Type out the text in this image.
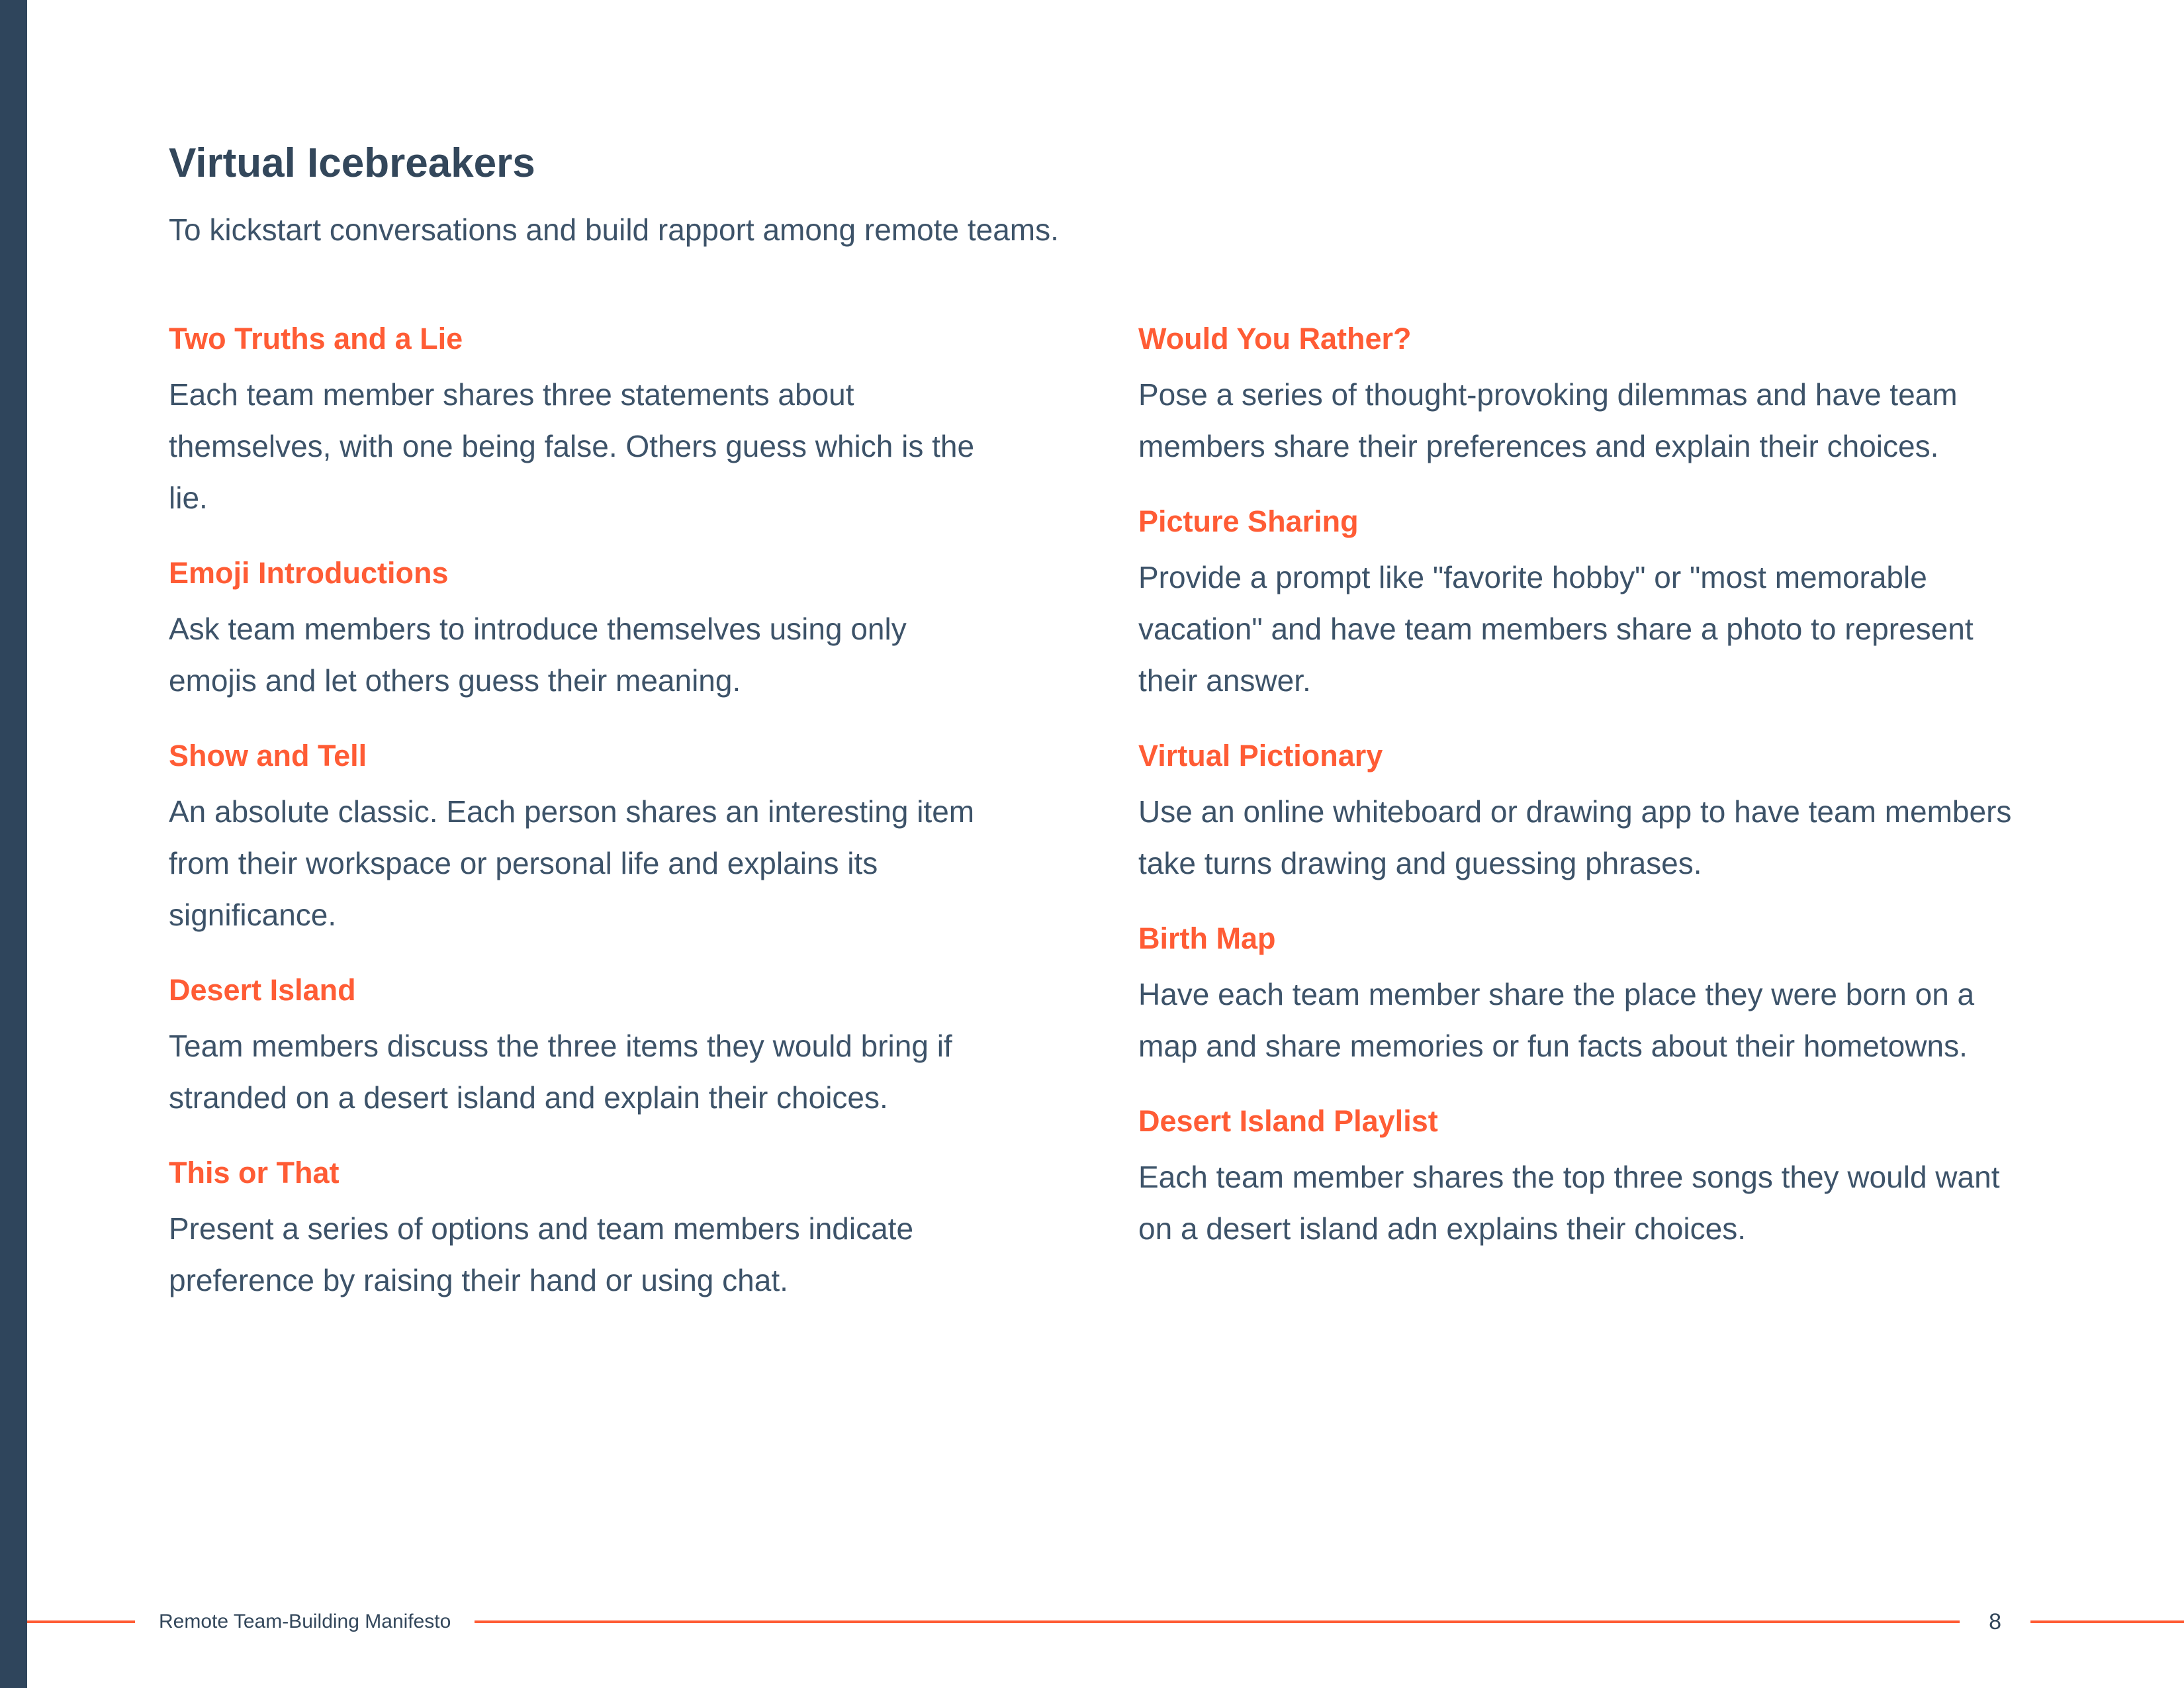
Virtual Icebreakers

To kickstart conversations and build rapport among remote teams.

Two Truths and a Lie

Each team member shares three statements about themselves, with one being false. Others guess which is the lie.

Emoji Introductions

Ask team members to introduce themselves using only emojis and let others guess their meaning.

Show and Tell

An absolute classic. Each person shares an interesting item from their workspace or personal life and explains its significance.

Desert Island

Team members discuss the three items they would bring if stranded on a desert island and explain their choices.

This or That

Present a series of options and team members indicate preference by raising their hand or using chat.

Would You Rather?

Pose a series of thought-provoking dilemmas and have team members share their preferences and explain their choices.

Picture Sharing

Provide a prompt like "favorite hobby" or "most memorable vacation" and have team members share a photo to represent their answer.

Virtual Pictionary

Use an online whiteboard or drawing app to have team members take turns drawing and guessing phrases.

Birth Map

Have each team member share the place they were born on a map and share memories or fun facts about their hometowns.

Desert Island Playlist

Each team member shares the top three songs they would want on a desert island adn explains their choices.

Remote Team-Building Manifesto	8
